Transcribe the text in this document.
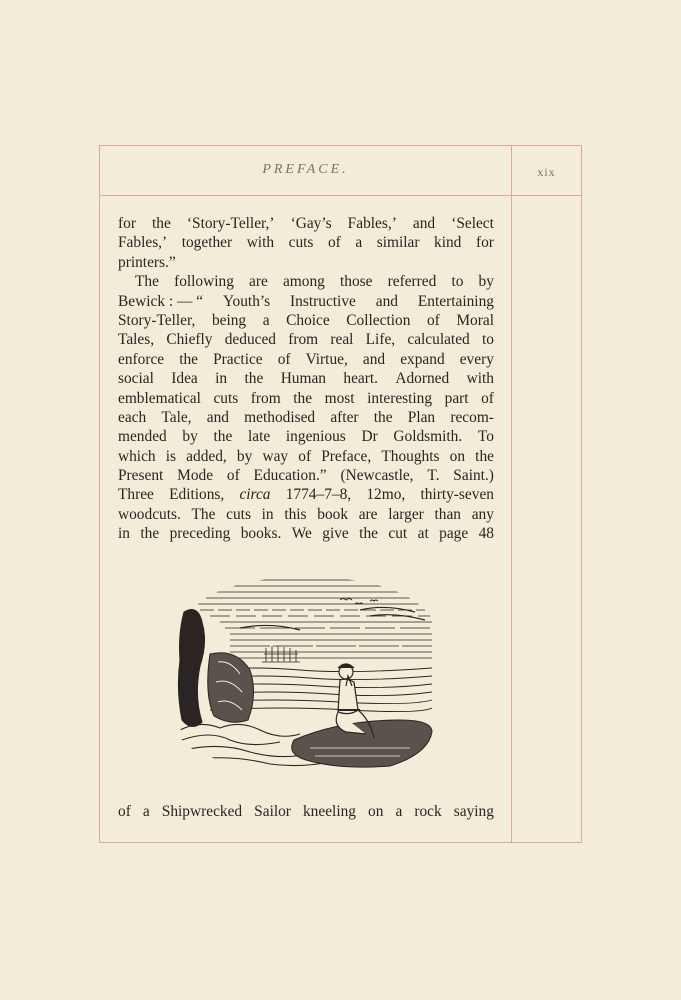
PREFACE.	xix
for the ‘Story-Teller,’ ‘Gay’s Fables,’ and ‘Select
Fables,’ together with cuts of a similar kind for
printers.”
The following are among those referred to by
Bewick : — “ Youth’s Instructive and Entertaining
Story-Teller, being a Choice Collection of Moral
Tales, Chiefly deduced from real Life, calculated to
enforce the Practice of Virtue, and expand every
social Idea in the Human heart. Adorned with
emblematical cuts from the most interesting part of
each Tale, and methodised after the Plan recom-
mended by the late ingenious Dr Goldsmith. To
which is added, by way of Preface, Thoughts on the
Present Mode of Education.” (Newcastle, T. Saint.)
Three Editions, circa 1774–7–8, 12mo, thirty-seven
woodcuts. The cuts in this book are larger than any
in the preceding books. We give the cut at page 48
of a Shipwrecked Sailor kneeling on a rock saying
